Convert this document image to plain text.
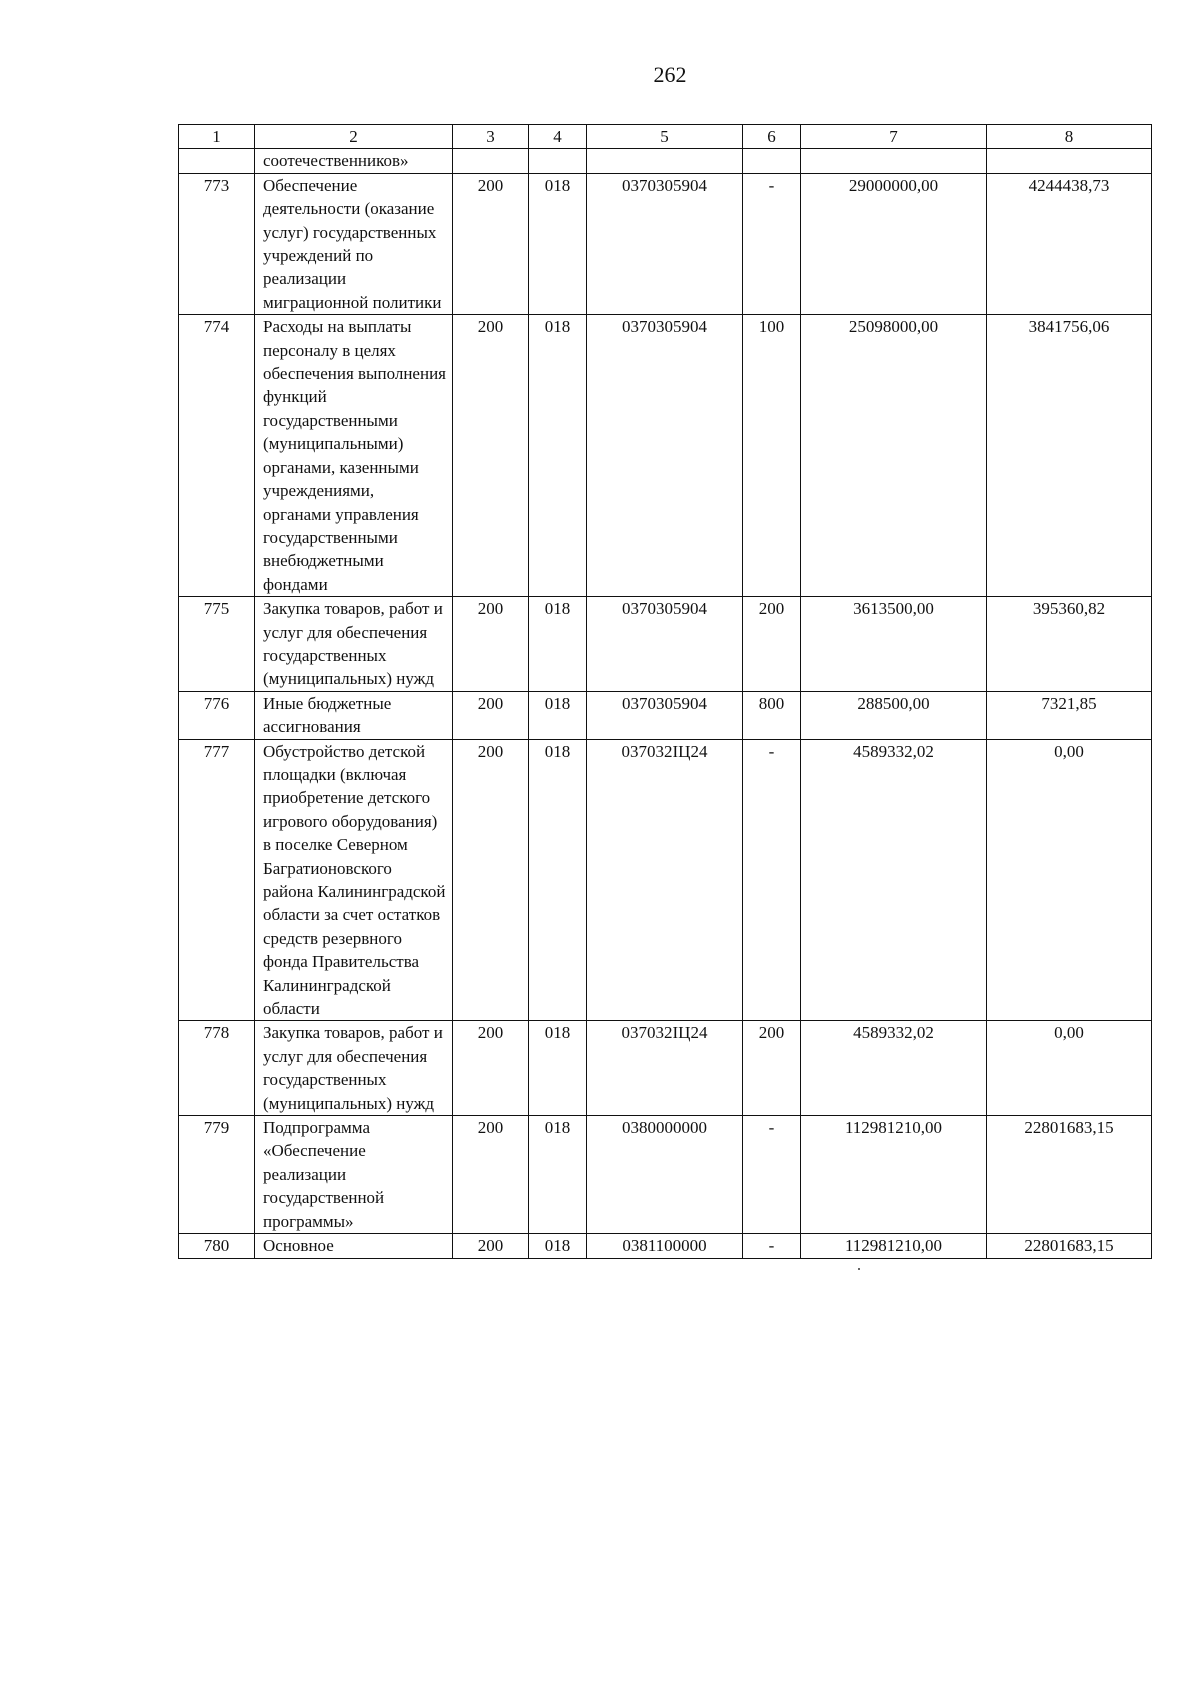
262
1	2	3	4	5	6	7	8
	соотечественников»						
773	Обеспечение деятельности (оказание услуг) государственных учреждений по реализации миграционной политики	200	018	0370305904	-	29000000,00	4244438,73
774	Расходы на выплаты персоналу в целях обеспечения выполнения функций государственными (муниципальными) органами, казенными учреждениями, органами управления государственными внебюджетными фондами	200	018	0370305904	100	25098000,00	3841756,06
775	Закупка товаров, работ и услуг для обеспечения государственных (муниципальных) нужд	200	018	0370305904	200	3613500,00	395360,82
776	Иные бюджетные ассигнования	200	018	0370305904	800	288500,00	7321,85
777	Обустройство детской площадки (включая приобретение детского игрового оборудования) в поселке Северном Багратионовского района Калининградской области за счет остатков средств резервного фонда Правительства Калининградской области	200	018	037032IЦ24	-	4589332,02	0,00
778	Закупка товаров, работ и услуг для обеспечения государственных (муниципальных) нужд	200	018	037032IЦ24	200	4589332,02	0,00
779	Подпрограмма «Обеспечение реализации государственной программы»	200	018	0380000000	-	112981210,00	22801683,15
780	Основное	200	018	0381100000	-	112981210,00	22801683,15
